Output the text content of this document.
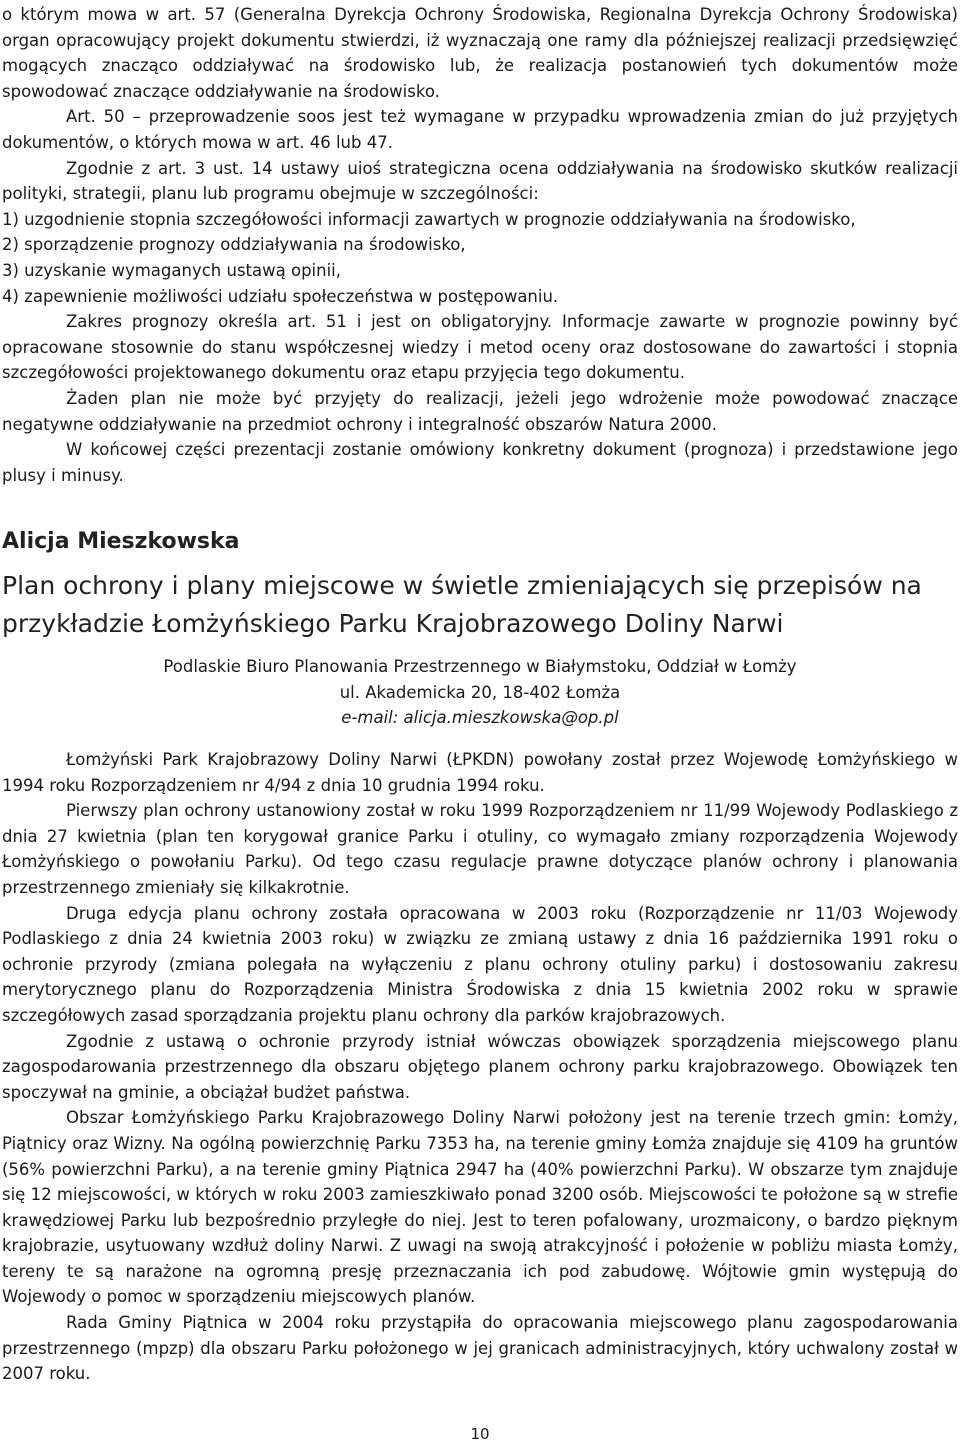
o którym mowa w art. 57 (Generalna Dyrekcja Ochrony Środowiska, Regionalna Dyrekcja Ochrony Środowiska) organ opracowujący projekt dokumentu stwierdzi, iż wyznaczają one ramy dla późniejszej realizacji przedsięwzięć mogących znacząco oddziaływać na środowisko lub, że realizacja postanowień tych dokumentów może spowodować znaczące oddziaływanie na środowisko.

Art. 50 – przeprowadzenie soos jest też wymagane w przypadku wprowadzenia zmian do już przyjętych dokumentów, o których mowa w art. 46 lub 47.

Zgodnie z art. 3 ust. 14 ustawy uioś strategiczna ocena oddziaływania na środowisko skutków realizacji polityki, strategii, planu lub programu obejmuje w szczególności:

1) uzgodnienie stopnia szczegółowości informacji zawartych w prognozie oddziaływania na środowisko,

2) sporządzenie prognozy oddziaływania na środowisko,

3) uzyskanie wymaganych ustawą opinii,

4) zapewnienie możliwości udziału społeczeństwa w postępowaniu.

Zakres prognozy określa art. 51 i jest on obligatoryjny. Informacje zawarte w prognozie powinny być opracowane stosownie do stanu współczesnej wiedzy i metod oceny oraz dostosowane do zawartości i stopnia szczegółowości projektowanego dokumentu oraz etapu przyjęcia tego dokumentu.

Żaden plan nie może być przyjęty do realizacji, jeżeli jego wdrożenie może powodować znaczące negatywne oddziaływanie na przedmiot ochrony i integralność obszarów Natura 2000.

W końcowej części prezentacji zostanie omówiony konkretny dokument (prognoza) i przedstawione jego plusy i minusy.

Alicja Mieszkowska
Plan ochrony i plany miejscowe w świetle zmieniających się przepisów na przykładzie Łomżyńskiego Parku Krajobrazowego Doliny Narwi

Podlaskie Biuro Planowania Przestrzennego w Białymstoku, Oddział w Łomży

ul. Akademicka 20, 18-402 Łomża

e-mail: alicja.mieszkowska@op.pl

Łomżyński Park Krajobrazowy Doliny Narwi (ŁPKDN) powołany został przez Wojewodę Łomżyńskiego w 1994 roku Rozporządzeniem nr 4/94 z dnia 10 grudnia 1994 roku.

Pierwszy plan ochrony ustanowiony został w roku 1999 Rozporządzeniem nr 11/99 Wojewody Podlaskiego z dnia 27 kwietnia (plan ten korygował granice Parku i otuliny, co wymagało zmiany rozporządzenia Wojewody Łomżyńskiego o powołaniu Parku). Od tego czasu regulacje prawne dotyczące planów ochrony i planowania przestrzennego zmieniały się kilkakrotnie.

Druga edycja planu ochrony została opracowana w 2003 roku (Rozporządzenie nr 11/03 Wojewody Podlaskiego z dnia 24 kwietnia 2003 roku) w związku ze zmianą ustawy z dnia 16 października 1991 roku o ochronie przyrody (zmiana polegała na wyłączeniu z planu ochrony otuliny parku) i dostosowaniu zakresu merytorycznego planu do Rozporządzenia Ministra Środowiska z dnia 15 kwietnia 2002 roku w sprawie szczegółowych zasad sporządzania projektu planu ochrony dla parków krajobrazowych.

Zgodnie z ustawą o ochronie przyrody istniał wówczas obowiązek sporządzenia miejscowego planu zagospodarowania przestrzennego dla obszaru objętego planem ochrony parku krajobrazowego. Obowiązek ten spoczywał na gminie, a obciążał budżet państwa.

Obszar Łomżyńskiego Parku Krajobrazowego Doliny Narwi położony jest na terenie trzech gmin: Łomży, Piątnicy oraz Wizny. Na ogólną powierzchnię Parku 7353 ha, na terenie gminy Łomża znajduje się 4109 ha gruntów (56% powierzchni Parku), a na terenie gminy Piątnica 2947 ha (40% powierzchni Parku). W obszarze tym znajduje się 12 miejscowości, w których w roku 2003 zamieszkiwało ponad 3200 osób. Miejscowości te położone są w strefie krawędziowej Parku lub bezpośrednio przyległe do niej. Jest to teren pofalowany, urozmaicony, o bardzo pięknym krajobrazie, usytuowany wzdłuż doliny Narwi. Z uwagi na swoją atrakcyjność i położenie w pobliżu miasta Łomży, tereny te są narażone na ogromną presję przeznaczania ich pod zabudowę. Wójtowie gmin występują do Wojewody o pomoc w sporządzeniu miejscowych planów.

Rada Gminy Piątnica w 2004 roku przystąpiła do opracowania miejscowego planu zagospodarowania przestrzennego (mpzp) dla obszaru Parku położonego w jej granicach administracyjnych, który uchwalony został w 2007 roku.

10
